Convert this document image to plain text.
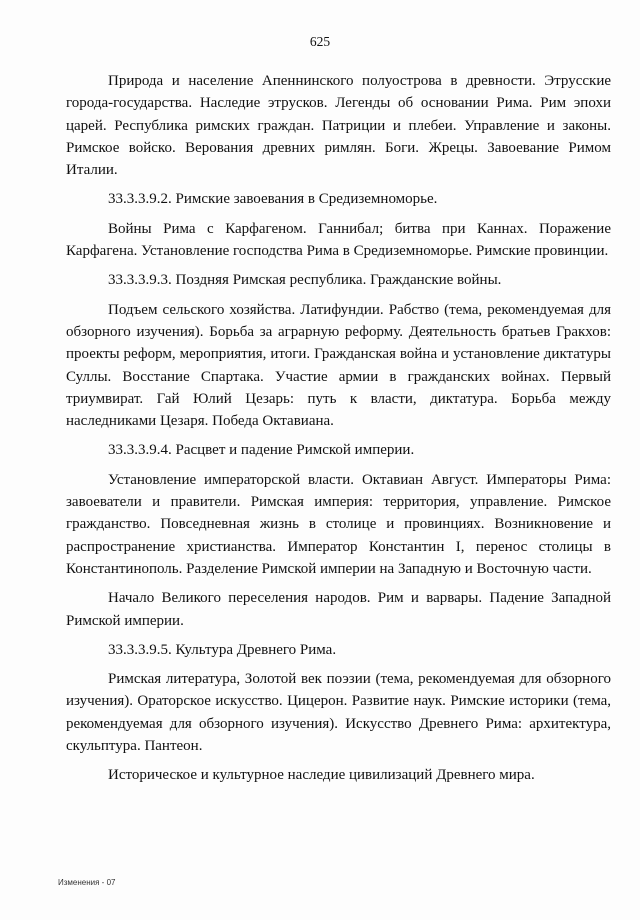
625

Природа и население Апеннинского полуострова в древности. Этрусские города-государства. Наследие этрусков. Легенды об основании Рима. Рим эпохи царей. Республика римских граждан. Патриции и плебеи. Управление и законы. Римское войско. Верования древних римлян. Боги. Жрецы. Завоевание Римом Италии.

33.3.3.9.2. Римские завоевания в Средиземноморье.

Войны Рима с Карфагеном. Ганнибал; битва при Каннах. Поражение Карфагена. Установление господства Рима в Средиземноморье. Римские провинции.

33.3.3.9.3. Поздняя Римская республика. Гражданские войны.

Подъем сельского хозяйства. Латифундии. Рабство (тема, рекомендуемая для обзорного изучения). Борьба за аграрную реформу. Деятельность братьев Гракхов: проекты реформ, мероприятия, итоги. Гражданская война и установление диктатуры Суллы. Восстание Спартака. Участие армии в гражданских войнах. Первый триумвират. Гай Юлий Цезарь: путь к власти, диктатура. Борьба между наследниками Цезаря. Победа Октавиана.

33.3.3.9.4. Расцвет и падение Римской империи.

Установление императорской власти. Октавиан Август. Императоры Рима: завоеватели и правители. Римская империя: территория, управление. Римское гражданство. Повседневная жизнь в столице и провинциях. Возникновение и распространение христианства. Император Константин I, перенос столицы в Константинополь. Разделение Римской империи на Западную и Восточную части.

Начало Великого переселения народов. Рим и варвары. Падение Западной Римской империи.

33.3.3.9.5. Культура Древнего Рима.

Римская литература, Золотой век поэзии (тема, рекомендуемая для обзорного изучения). Ораторское искусство. Цицерон. Развитие наук. Римские историки (тема, рекомендуемая для обзорного изучения). Искусство Древнего Рима: архитектура, скульптура. Пантеон.

Историческое и культурное наследие цивилизаций Древнего мира.

Изменения - 07
